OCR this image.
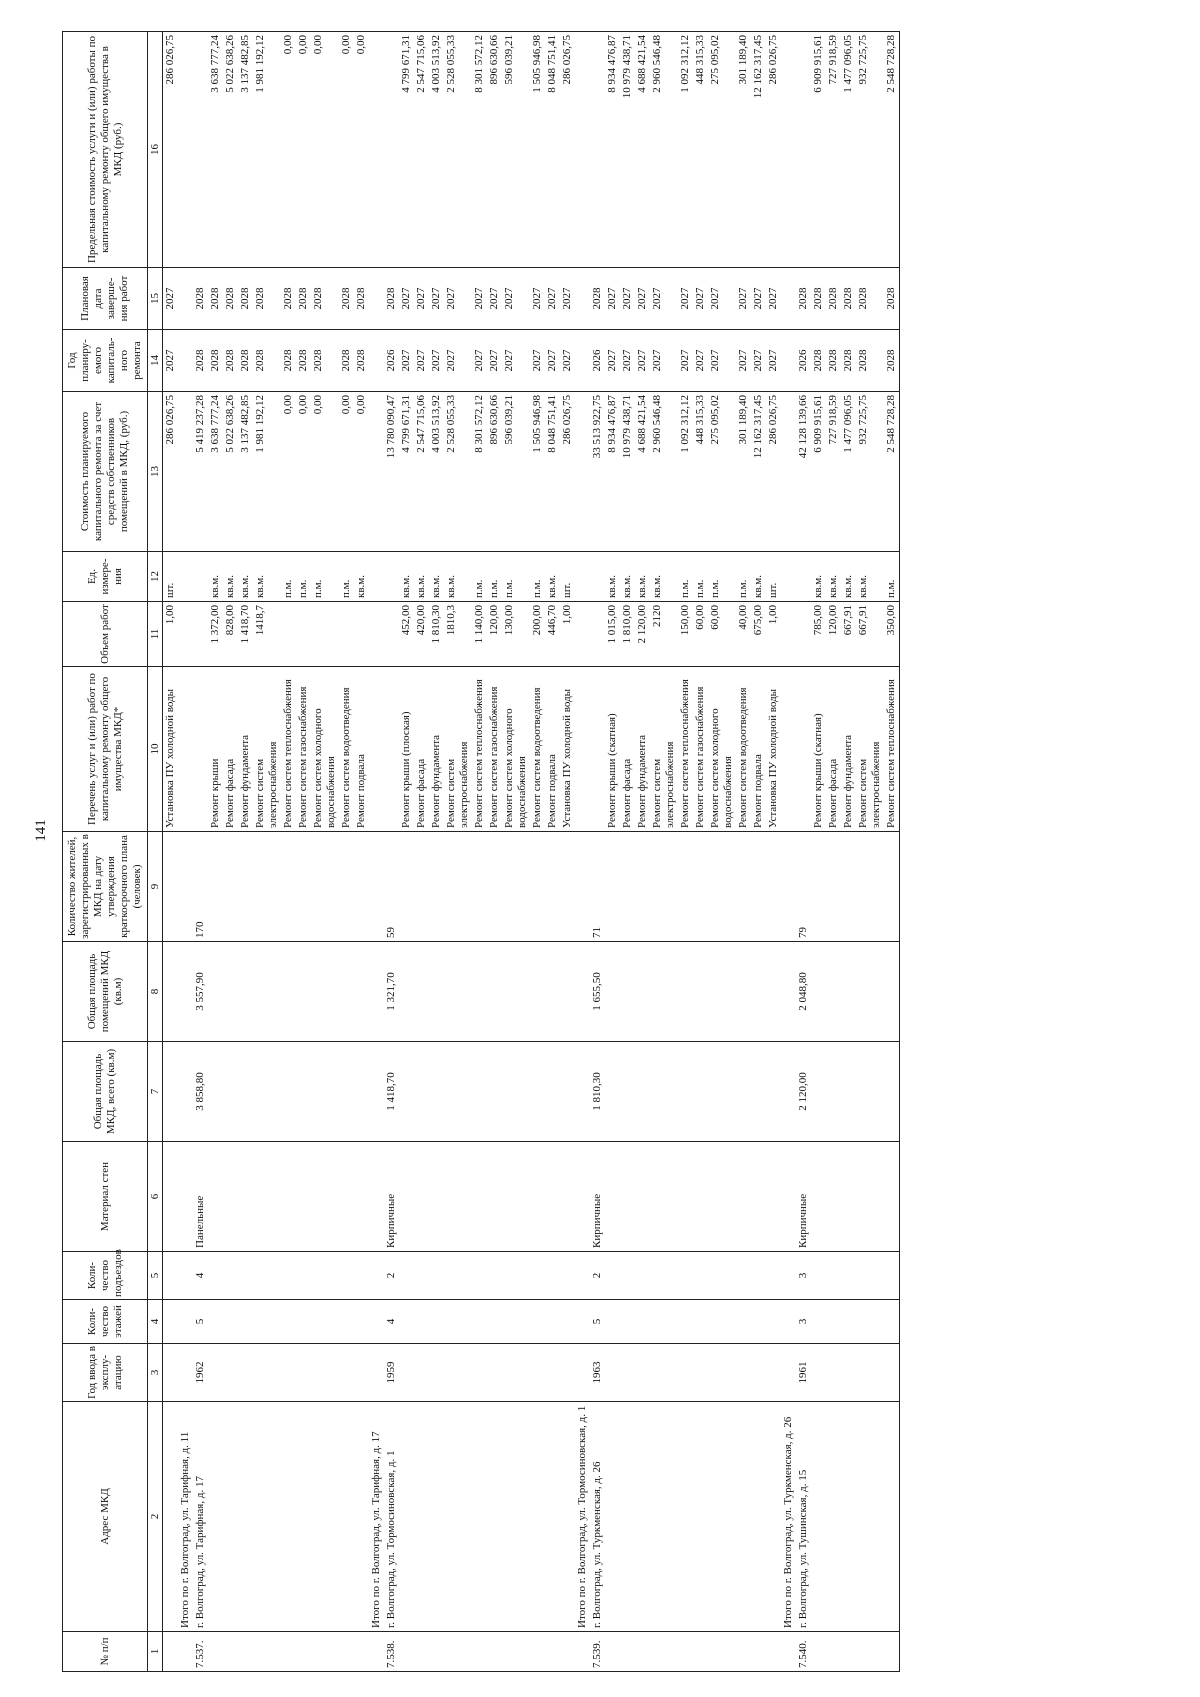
141
№ п/п	Адрес МКД	Год ввода в эксплу-атацию	Коли-чество этажей	Коли-чество подъездов	Материал стен	Общая площадь МКД, всего (кв.м)	Общая площадь помещений МКД (кв.м)	Количество жителей, зарегистрированных в МКД на дату утверждения краткосрочного плана (человек)	Перечень услуг и (или) работ по капитальному ремонту общего имущества МКД*	Объем работ	Ед. измере-ния	Стоимость планируемого капитального ремонта за счет средств собственников помещений в МКД, (руб.)	Год планиру-емого капиталь-ного ремонта	Плановая дата заверше-ния работ	Предельная стоимость услуги и (или) работы по капитальному ремонту общего имущества в МКД (руб.)
1	2	3	4	5	6	7	8	9	10	11	12	13	14	15	16
									Установка ПУ холодной воды	1,00	шт.	286 026,75	2027	2027	286 026,75
	Итого по г. Волгоград, ул. Тарифная, д. 11														
7.537.	г. Волгоград, ул. Тарифная, д. 17	1962	5	4	Панельные	3 858,80	3 557,90	170				5 419 237,28	2028	2028	
									Ремонт крыши	1 372,00	кв.м.	3 638 777,24	2028	2028	3 638 777,24
									Ремонт фасада	828,00	кв.м.	5 022 638,26	2028	2028	5 022 638,26
									Ремонт фундамента	1 418,70	кв.м.	3 137 482,85	2028	2028	3 137 482,85
									Ремонт систем электроснабжения	1418,7	кв.м.	1 981 192,12	2028	2028	1 981 192,12
									Ремонт систем теплоснабжения		п.м.	0,00	2028	2028	0,00
									Ремонт систем газоснабжения		п.м.	0,00	2028	2028	0,00
									Ремонт систем холодного водоснабжения		п.м.	0,00	2028	2028	0,00
									Ремонт систем водоотведения		п.м.	0,00	2028	2028	0,00
									Ремонт подвала		кв.м.	0,00	2028	2028	0,00
	Итого по г. Волгоград, ул. Тарифная, д. 17														
7.538.	г. Волгоград, ул. Тормосиновская, д. 1	1959	4	2	Кирпичные	1 418,70	1 321,70	59				13 780 090,47	2026	2028	
									Ремонт крыши (плоская)	452,00	кв.м.	4 799 671,31	2027	2027	4 799 671,31
									Ремонт фасада	420,00	кв.м.	2 547 715,06	2027	2027	2 547 715,06
									Ремонт фундамента	1 810,30	кв.м.	4 003 513,92	2027	2027	4 003 513,92
									Ремонт систем электроснабжения	1810,3	кв.м.	2 528 055,33	2027	2027	2 528 055,33
									Ремонт систем теплоснабжения	1 140,00	п.м.	8 301 572,12	2027	2027	8 301 572,12
									Ремонт систем газоснабжения	120,00	п.м.	896 630,66	2027	2027	896 630,66
									Ремонт систем холодного водоснабжения	130,00	п.м.	596 039,21	2027	2027	596 039,21
									Ремонт систем водоотведения	200,00	п.м.	1 505 946,98	2027	2027	1 505 946,98
									Ремонт подвала	446,70	кв.м.	8 048 751,41	2027	2027	8 048 751,41
									Установка ПУ холодной воды	1,00	шт.	286 026,75	2027	2027	286 026,75
	Итого по г. Волгоград, ул. Тормосиновская, д. 1														
7.539.	г. Волгоград, ул. Туркменская, д. 26	1963	5	2	Кирпичные	1 810,30	1 655,50	71				33 513 922,75	2026	2028	
									Ремонт крыши (скатная)	1 015,00	кв.м.	8 934 476,87	2027	2027	8 934 476,87
									Ремонт фасада	1 810,00	кв.м.	10 979 438,71	2027	2027	10 979 438,71
									Ремонт фундамента	2 120,00	кв.м.	4 688 421,54	2027	2027	4 688 421,54
									Ремонт систем электроснабжения	2120	кв.м.	2 960 546,48	2027	2027	2 960 546,48
									Ремонт систем теплоснабжения	150,00	п.м.	1 092 312,12	2027	2027	1 092 312,12
									Ремонт систем газоснабжения	60,00	п.м.	448 315,33	2027	2027	448 315,33
									Ремонт систем холодного водоснабжения	60,00	п.м.	275 095,02	2027	2027	275 095,02
									Ремонт систем водоотведения	40,00	п.м.	301 189,40	2027	2027	301 189,40
									Ремонт подвала	675,00	кв.м.	12 162 317,45	2027	2027	12 162 317,45
									Установка ПУ холодной воды	1,00	шт.	286 026,75	2027	2027	286 026,75
	Итого по г. Волгоград, ул. Туркменская, д. 26														
7.540.	г. Волгоград, ул. Тушинская, д. 15	1961	3	3	Кирпичные	2 120,00	2 048,80	79				42 128 139,66	2026	2028	
									Ремонт крыши (скатная)	785,00	кв.м.	6 909 915,61	2028	2028	6 909 915,61
									Ремонт фасада	120,00	кв.м.	727 918,59	2028	2028	727 918,59
									Ремонт фундамента	667,91	кв.м.	1 477 096,05	2028	2028	1 477 096,05
									Ремонт систем электроснабжения	667,91	кв.м.	932 725,75	2028	2028	932 725,75
									Ремонт систем теплоснабжения	350,00	п.м.	2 548 728,28	2028	2028	2 548 728,28
